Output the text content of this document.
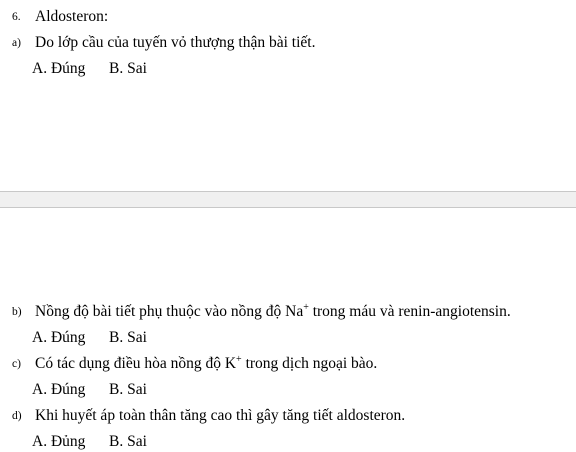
6. Aldosteron:
a) Do lớp cầu của tuyến vỏ thượng thận bài tiết.
A. Đúng B. Sai
b) Nồng độ bài tiết phụ thuộc vào nồng độ Na+ trong máu và renin-angiotensin.
A. Đúng B. Sai
c) Có tác dụng điều hòa nồng độ K+ trong dịch ngoại bào.
A. Đúng B. Sai
d) Khi huyết áp toàn thân tăng cao thì gây tăng tiết aldosteron.
A. Đủng B. Sai
